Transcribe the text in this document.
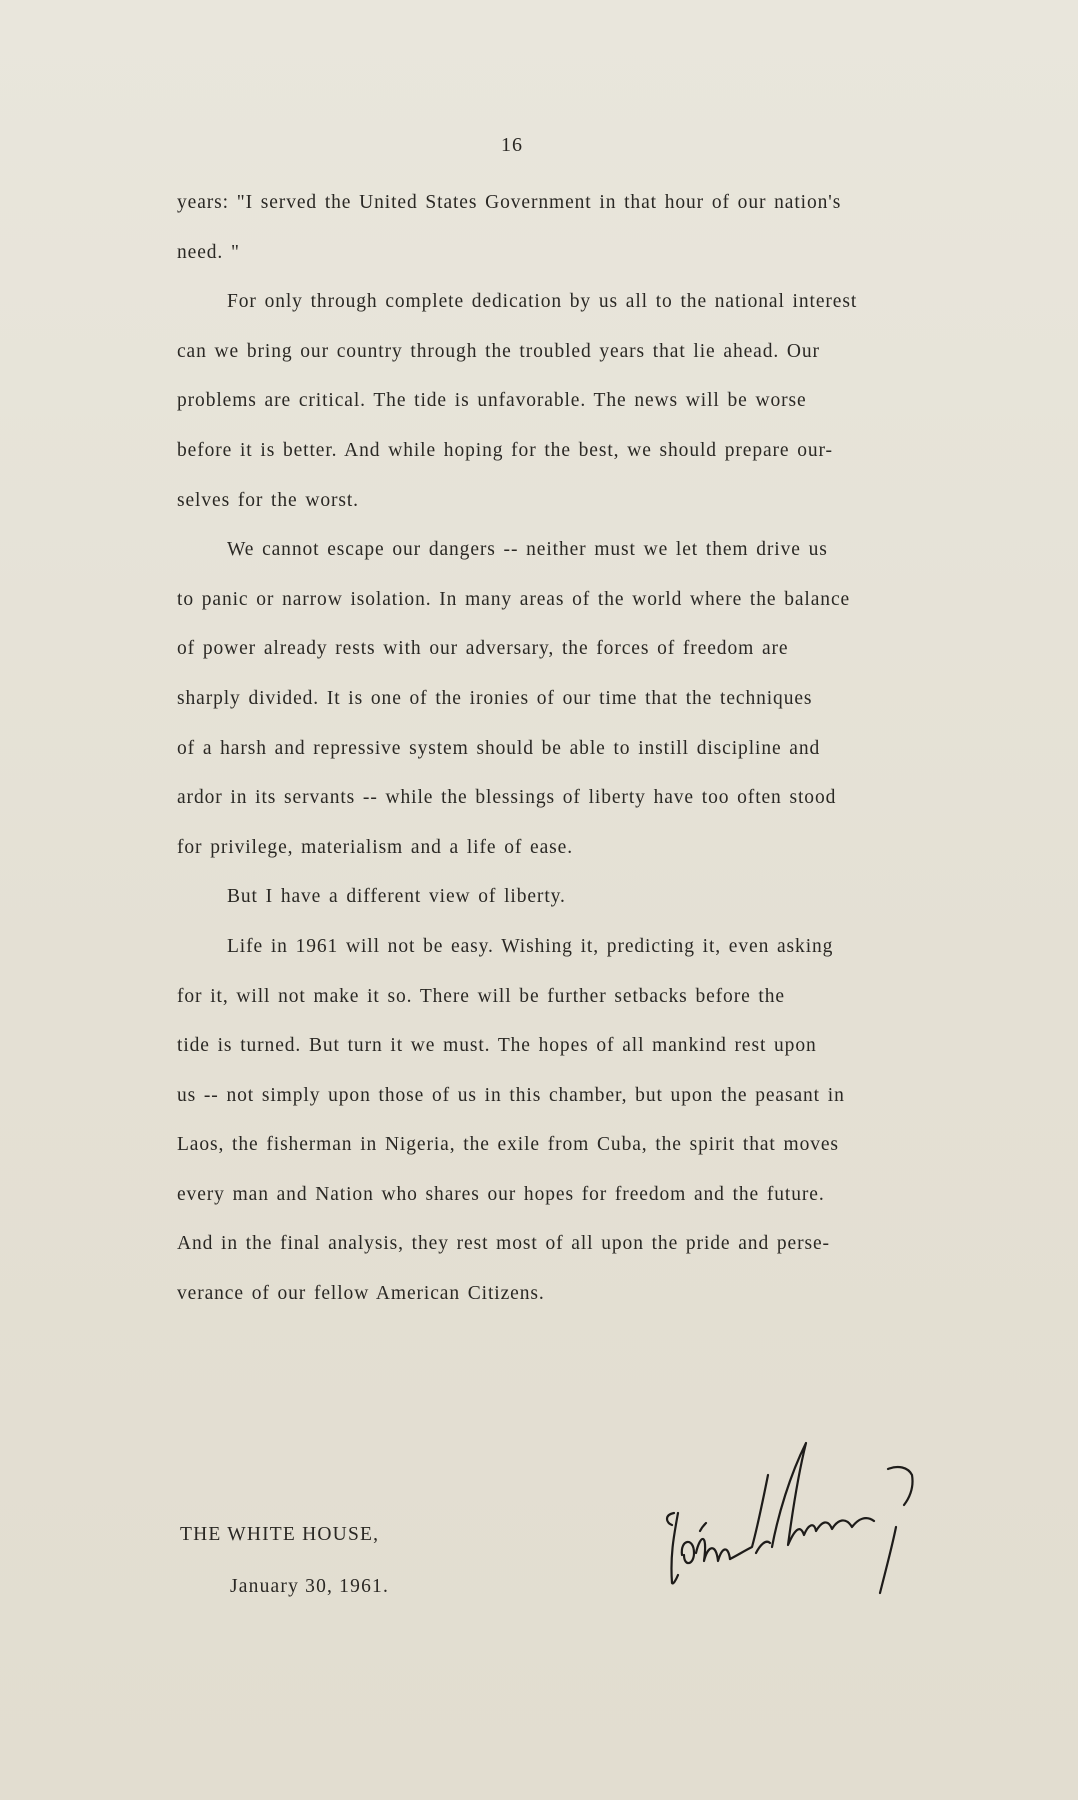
16
years: "I served the United States Government in that hour of our nation's
need. "
For only through complete dedication by us all to the national interest
can we bring our country through the troubled years that lie ahead. Our
problems are critical. The tide is unfavorable. The news will be worse
before it is better. And while hoping for the best, we should prepare our-
selves for the worst.
We cannot escape our dangers -- neither must we let them drive us
to panic or narrow isolation. In many areas of the world where the balance
of power already rests with our adversary, the forces of freedom are
sharply divided. It is one of the ironies of our time that the techniques
of a harsh and repressive system should be able to instill discipline and
ardor in its servants -- while the blessings of liberty have too often stood
for privilege, materialism and a life of ease.
But I have a different view of liberty.
Life in 1961 will not be easy. Wishing it, predicting it, even asking
for it, will not make it so. There will be further setbacks before the
tide is turned. But turn it we must. The hopes of all mankind rest upon
us -- not simply upon those of us in this chamber, but upon the peasant in
Laos, the fisherman in Nigeria, the exile from Cuba, the spirit that moves
every man and Nation who shares our hopes for freedom and the future.
And in the final analysis, they rest most of all upon the pride and perse-
verance of our fellow American Citizens.
THE WHITE HOUSE,
January 30, 1961.
